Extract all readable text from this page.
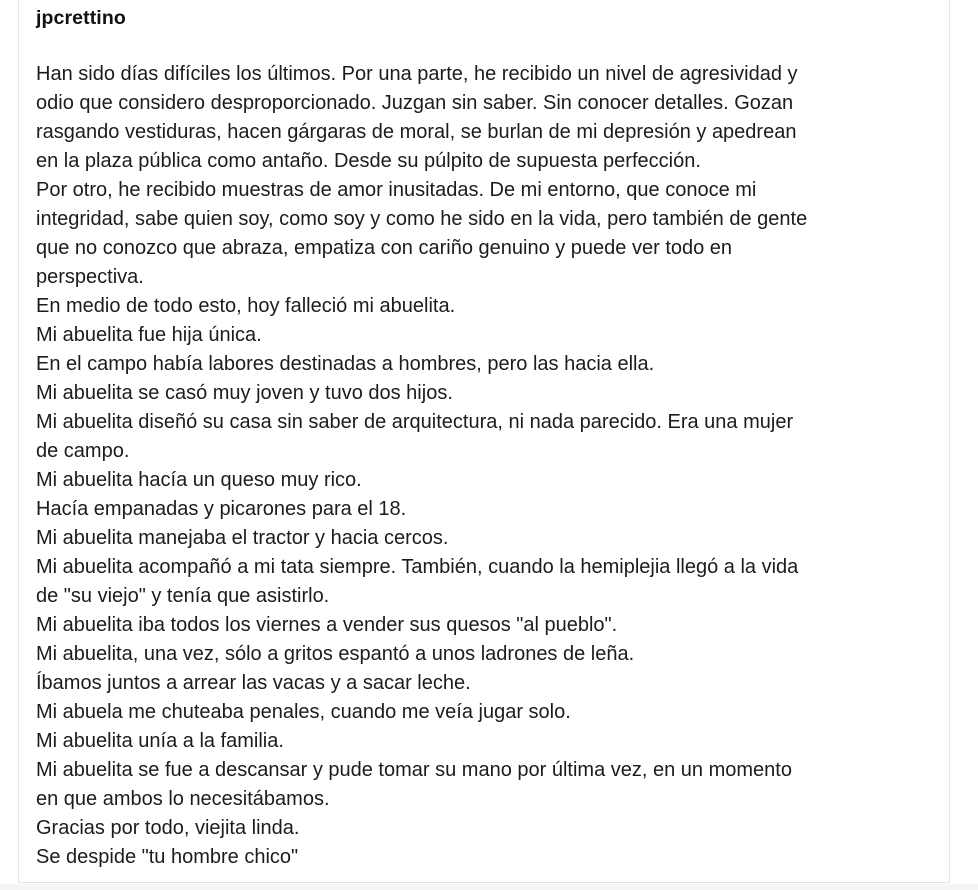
jpcrettino
Han sido días difíciles los últimos. Por una parte, he recibido un nivel de agresividad y
odio que considero desproporcionado. Juzgan sin saber. Sin conocer detalles. Gozan
rasgando vestiduras, hacen gárgaras de moral, se burlan de mi depresión y apedrean
en la plaza pública como antaño. Desde su púlpito de supuesta perfección.
Por otro, he recibido muestras de amor inusitadas. De mi entorno, que conoce mi
integridad, sabe quien soy, como soy y como he sido en la vida, pero también de gente
que no conozco que abraza, empatiza con cariño genuino y puede ver todo en
perspectiva.
En medio de todo esto, hoy falleció mi abuelita.
Mi abuelita fue hija única.
En el campo había labores destinadas a hombres, pero las hacia ella.
Mi abuelita se casó muy joven y tuvo dos hijos.
Mi abuelita diseñó su casa sin saber de arquitectura, ni nada parecido. Era una mujer
de campo.
Mi abuelita hacía un queso muy rico.
Hacía empanadas y picarones para el 18.
Mi abuelita manejaba el tractor y hacia cercos.
Mi abuelita acompañó a mi tata siempre. También, cuando la hemiplejia llegó a la vida
de "su viejo" y tenía que asistirlo.
Mi abuelita iba todos los viernes a vender sus quesos "al pueblo".
Mi abuelita, una vez, sólo a gritos espantó a unos ladrones de leña.
Íbamos juntos a arrear las vacas y a sacar leche.
Mi abuela me chuteaba penales, cuando me veía jugar solo.
Mi abuelita unía a la familia.
Mi abuelita se fue a descansar y pude tomar su mano por última vez, en un momento
en que ambos lo necesitábamos.
Gracias por todo, viejita linda.
Se despide "tu hombre chico"
